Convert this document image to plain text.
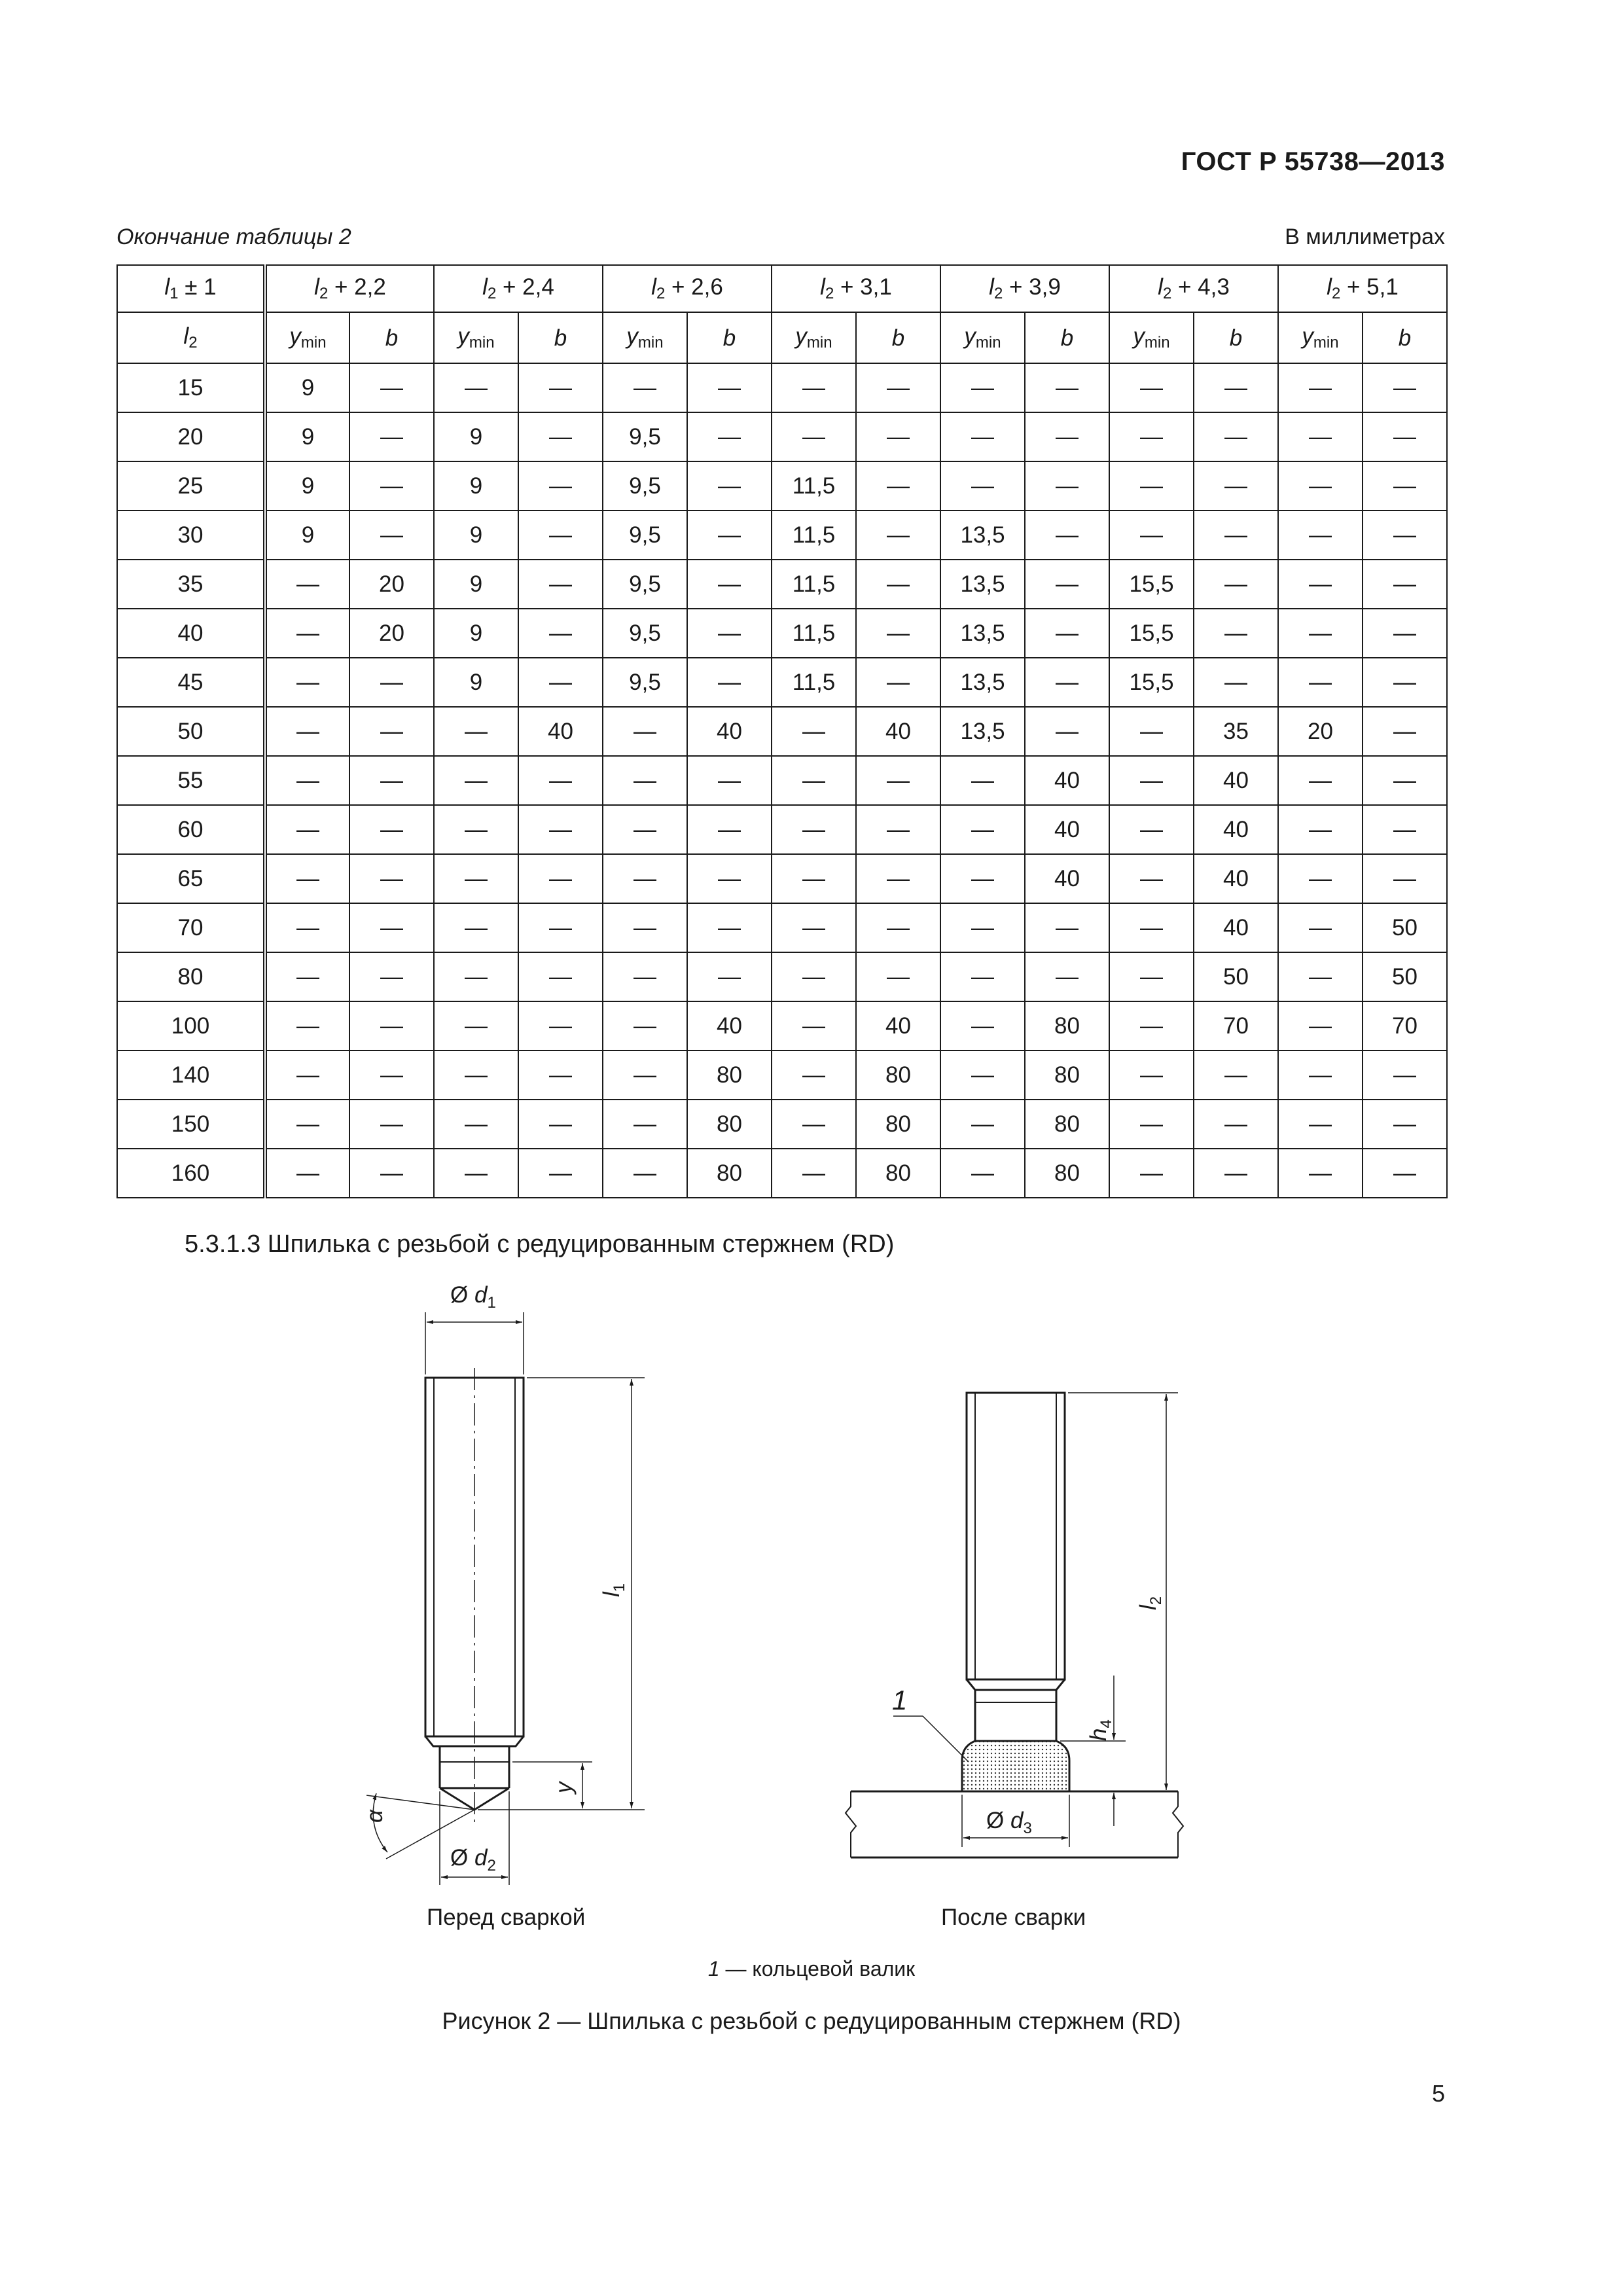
ГОСТ Р 55738—2013
Окончание таблицы 2	В миллиметрах
$l_1 \pm 1$	$l_2 + 2,2$		$l_2 + 2,4$		$l_2 + 2,6$		$l_2 + 3,1$		$l_2 + 3,9$		$l_2 + 4,3$		$l_2 + 5,1$	
$l_2$	$y_{min}$	b	$y_{min}$	b	$y_{min}$	b	$y_{min}$	b	$y_{min}$	b	$y_{min}$	b	$y_{min}$	b
15	9	—	—	—	—	—	—	—	—	—	—	—	—	—
20	9	—	9	—	9,5	—	—	—	—	—	—	—	—	—
25	9	—	9	—	9,5	—	11,5	—	—	—	—	—	—	—
30	9	—	9	—	9,5	—	11,5	—	13,5	—	—	—	—	—
35	—	20	9	—	9,5	—	11,5	—	13,5	—	15,5	—	—	—
40	—	20	9	—	9,5	—	11,5	—	13,5	—	15,5	—	—	—
45	—	—	9	—	9,5	—	11,5	—	13,5	—	15,5	—	—	—
50	—	—	—	40	—	40	—	40	13,5	—	—	35	20	—
55	—	—	—	—	—	—	—	—	—	40	—	40	—	—
60	—	—	—	—	—	—	—	—	—	40	—	40	—	—
65	—	—	—	—	—	—	—	—	—	40	—	40	—	—
70	—	—	—	—	—	—	—	—	—	—	—	40	—	50
80	—	—	—	—	—	—	—	—	—	—	—	50	—	50
100	—	—	—	—	—	40	—	40	—	80	—	70	—	70
140	—	—	—	—	—	80	—	80	—	80	—	—	—	—
150	—	—	—	—	—	80	—	80	—	80	—	—	—	—
160	—	—	—	—	—	80	—	80	—	80	—	—	—	—
5.3.1.3 Шпилька с резьбой с редуцированным стержнем (RD)
Ø $d_1$
$l_1$
y
Ø $d_2$
α
1
$l_2$
$h_4$
Ø $d_3$
Перед сваркой	После сварки
1 — кольцевой валик
Рисунок 2 — Шпилька с резьбой с редуцированным стержнем (RD)
5
